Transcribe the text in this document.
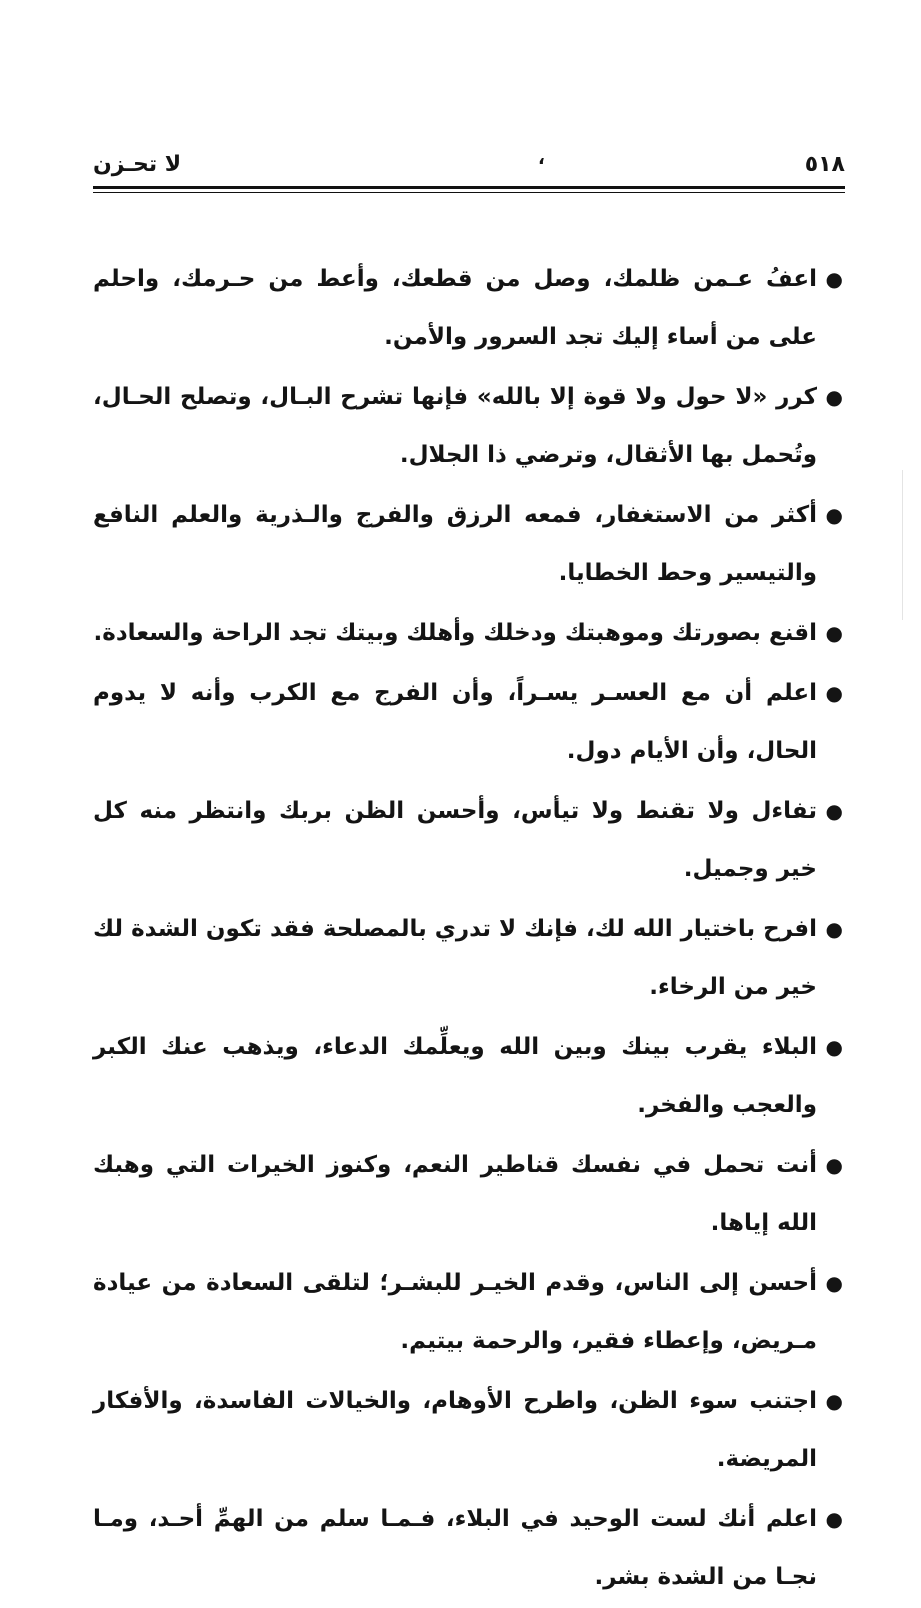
٥١٨
،
لا تحـزن
●
اعفُ عـمن ظلمك، وصل من قطعك، وأعط من حـرمك، واحلم على من أساء إليك تجد السرور والأمن.
●
كرر «لا حول ولا قوة إلا بالله» فإنها تشرح البـال، وتصلح الحـال، وتُحمل بها الأثقال، وترضي ذا الجلال.
●
أكثر من الاستغفار، فمعه الرزق والفرج والـذرية والعلم النافع والتيسير وحط الخطايا.
●
اقنع بصورتك وموهبتك ودخلك وأهلك وبيتك تجد الراحة والسعادة.
●
اعلم أن مع العسـر يسـراً، وأن الفرج مع الكرب وأنه لا يدوم الحال، وأن الأيام دول.
●
تفاءل ولا تقنط ولا تيأس، وأحسن الظن بربك وانتظر منه كل خير وجميل.
●
افرح باختيار الله لك، فإنك لا تدري بالمصلحة فقد تكون الشدة لك خير من الرخاء.
●
البلاء يقرب بينك وبين الله ويعلِّمك الدعاء، ويذهب عنك الكبر والعجب والفخر.
●
أنت تحمل في نفسك قناطير النعم، وكنوز الخيرات التي وهبك الله إياها.
●
أحسن إلى الناس، وقدم الخيـر للبشـر؛ لتلقى السعادة من عيادة مـريض، وإعطاء فقير، والرحمة بيتيم.
●
اجتنب سوء الظن، واطرح الأوهام، والخيالات الفاسدة، والأفكار المريضة.
●
اعلم أنك لست الوحيد في البلاء، فـمـا سلم من الهمِّ أحـد، ومـا نجـا من الشدة بشر.
